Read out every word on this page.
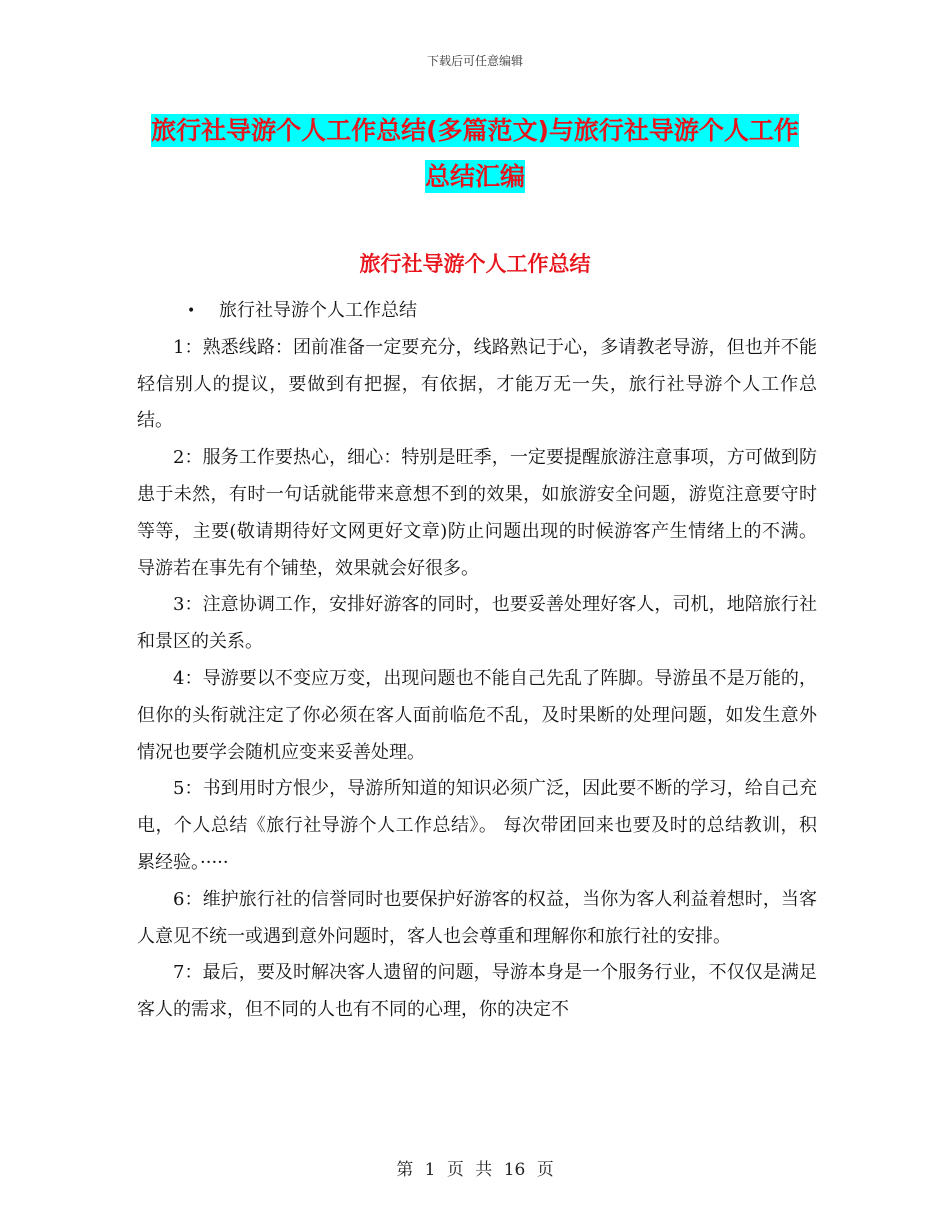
下载后可任意编辑
旅行社导游个人工作总结(多篇范文)与旅行社导游个人工作总结汇编
旅行社导游个人工作总结
• 旅行社导游个人工作总结

1：熟悉线路：团前准备一定要充分，线路熟记于心，多请教老导游，但也并不能轻信别人的提议，要做到有把握，有依据，才能万无一失，旅行社导游个人工作总结。

2：服务工作要热心，细心：特别是旺季，一定要提醒旅游注意事项，方可做到防患于未然，有时一句话就能带来意想不到的效果，如旅游安全问题，游览注意要守时等等，主要(敬请期待好文网更好文章)防止问题出现的时候游客产生情绪上的不满。导游若在事先有个铺垫，效果就会好很多。

3：注意协调工作，安排好游客的同时，也要妥善处理好客人，司机，地陪旅行社和景区的关系。

4：导游要以不变应万变，出现问题也不能自己先乱了阵脚。导游虽不是万能的，但你的头衔就注定了你必须在客人面前临危不乱，及时果断的处理问题，如发生意外情况也要学会随机应变来妥善处理。

5：书到用时方恨少，导游所知道的知识必须广泛，因此要不断的学习，给自己充电，个人总结《旅行社导游个人工作总结》。 每次带团回来也要及时的总结教训，积累经验。·····

6：维护旅行社的信誉同时也要保护好游客的权益，当你为客人利益着想时，当客人意见不统一或遇到意外问题时，客人也会尊重和理解你和旅行社的安排。

7：最后，要及时解决客人遗留的问题，导游本身是一个服务行业，不仅仅是满足客人的需求，但不同的人也有不同的心理，你的决定不

第 1 页 共 16 页
